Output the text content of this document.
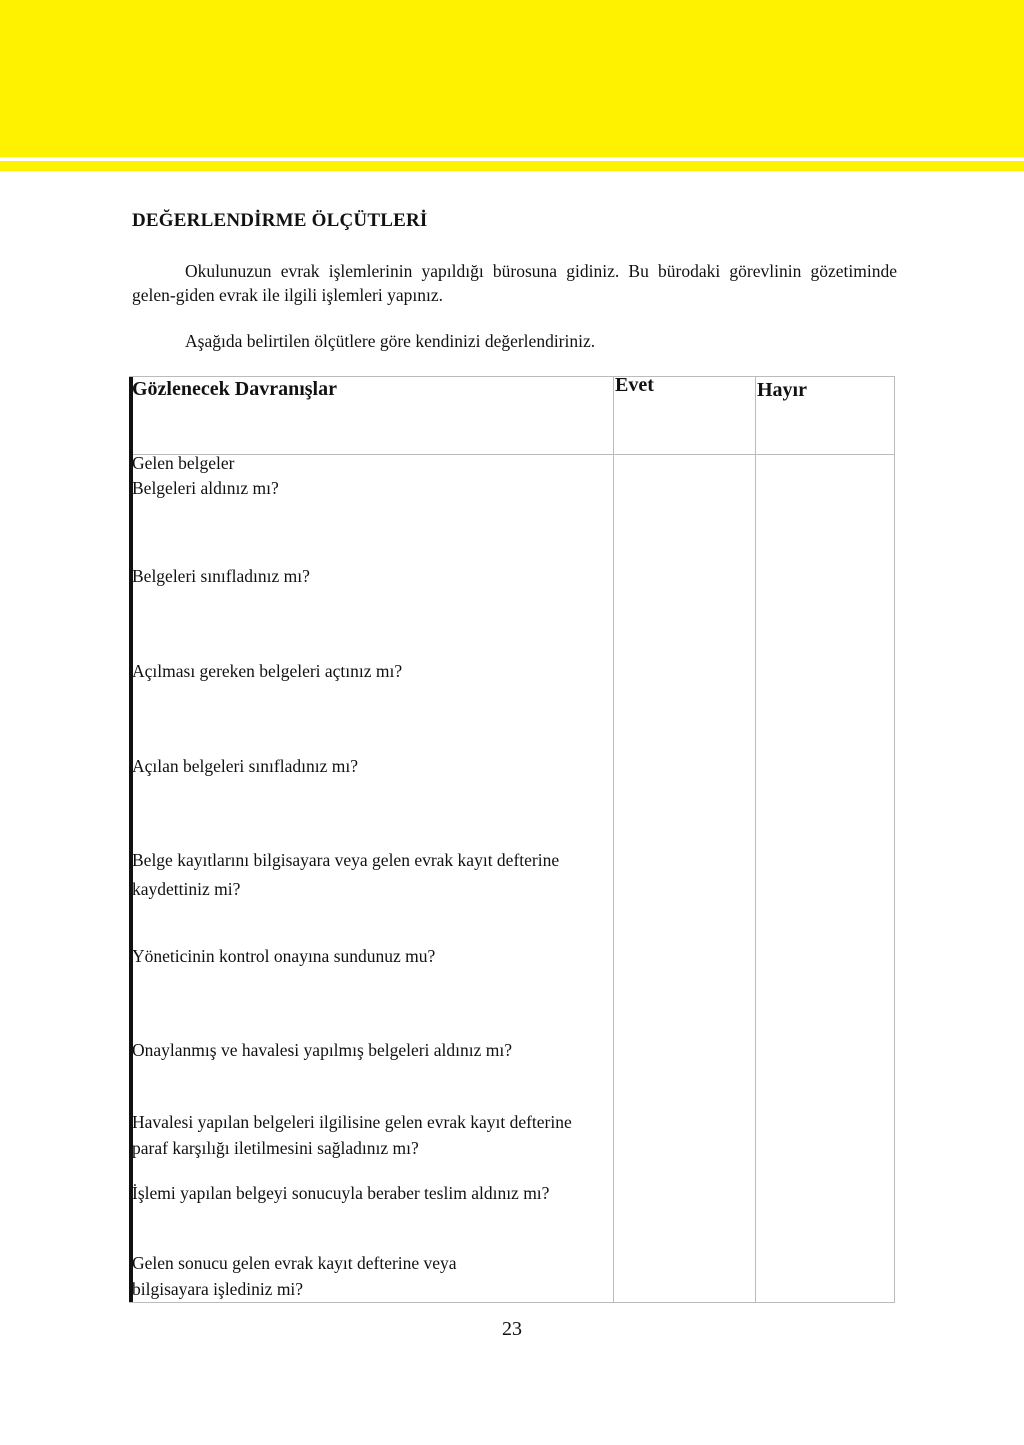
DEĞERLENDİRME ÖLÇÜTLERİ

Okulunuzun evrak işlemlerinin yapıldığı bürosuna gidiniz. Bu bürodaki görevlinin gözetiminde gelen-giden evrak ile ilgili işlemleri yapınız.

Aşağıda belirtilen ölçütlere göre kendinizi değerlendiriniz.

Gözlenecek Davranışlar	Evet	Hayır
Gelen belgeler
Belgeleri aldınız mı?
Belgeleri sınıfladınız mı?
Açılması gereken belgeleri açtınız mı?
Açılan belgeleri sınıfladınız mı?
Belge kayıtlarını bilgisayara veya gelen evrak kayıt defterine kaydettiniz mi?
Yöneticinin kontrol onayına sundunuz mu?
Onaylanmış ve havalesi yapılmış belgeleri aldınız mı?
Havalesi yapılan belgeleri ilgilisine gelen evrak kayıt defterine paraf karşılığı iletilmesini sağladınız mı?
İşlemi yapılan belgeyi sonucuyla beraber teslim aldınız mı?
Gelen sonucu gelen evrak kayıt defterine veya bilgisayara işlediniz mi?
23
